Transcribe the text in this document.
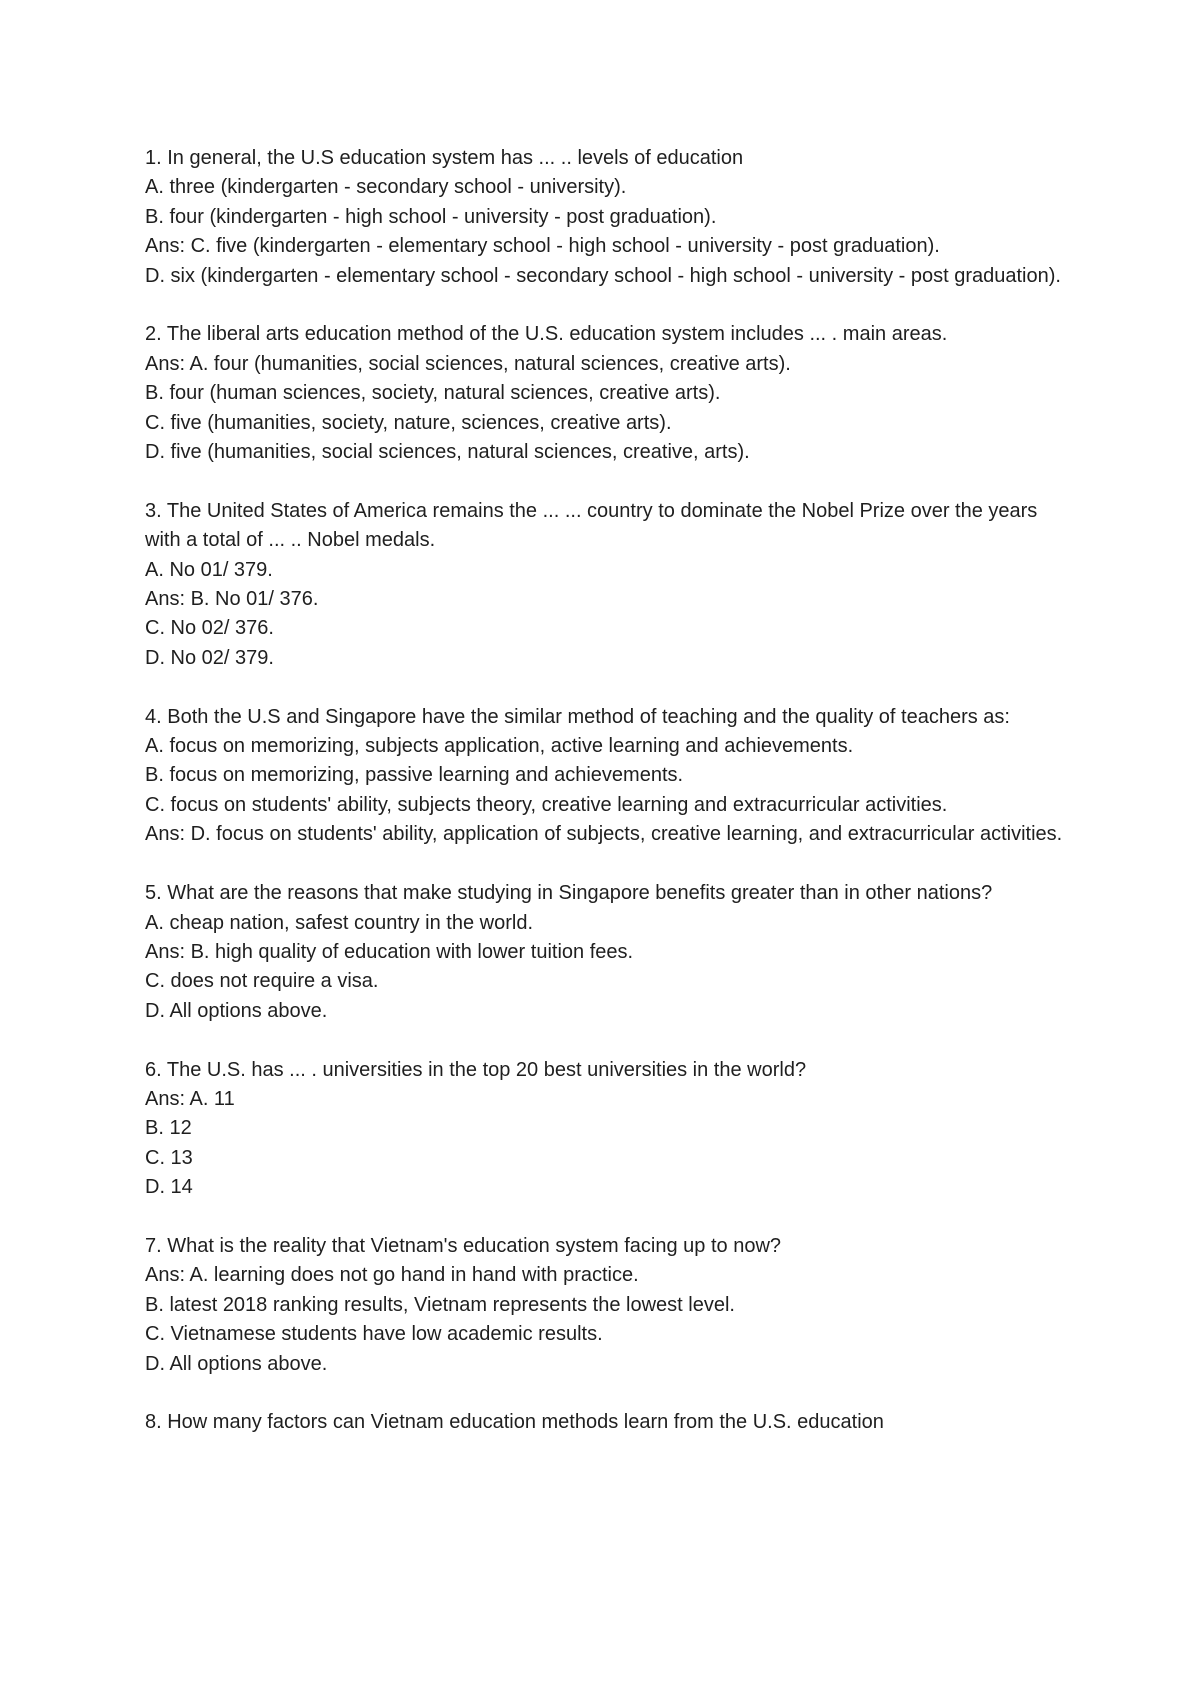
1. In general, the U.S education system has ... .. levels of education
A. three (kindergarten - secondary school - university).
B. four (kindergarten - high school - university - post graduation).
Ans: C. five (kindergarten - elementary school - high school - university - post graduation).
D. six (kindergarten - elementary school - secondary school - high school - university - post graduation).
2. The liberal arts education method of the U.S. education system includes ... . main areas.
Ans: A. four (humanities, social sciences, natural sciences, creative arts).
B. four (human sciences, society, natural sciences, creative arts).
C. five (humanities, society, nature, sciences, creative arts).
D. five (humanities, social sciences, natural sciences, creative, arts).
3. The United States of America remains the ... ... country to dominate the Nobel Prize over the years with a total of ... .. Nobel medals.
A. No 01/ 379.
Ans: B. No 01/ 376.
C. No 02/ 376.
D. No 02/ 379.
4. Both the U.S and Singapore have the similar method of teaching and the quality of teachers as:
A. focus on memorizing, subjects application, active learning and achievements.
B. focus on memorizing, passive learning and achievements.
C. focus on students' ability, subjects theory, creative learning and extracurricular activities.
Ans: D. focus on students' ability, application of subjects, creative learning, and extracurricular activities.
5. What are the reasons that make studying in Singapore benefits greater than in other nations?
A. cheap nation, safest country in the world.
Ans: B. high quality of education with lower tuition fees.
C. does not require a visa.
D. All options above.
6. The U.S. has ... . universities in the top 20 best universities in the world?
Ans: A. 11
B. 12
C. 13
D. 14
7. What is the reality that Vietnam's education system facing up to now?
Ans: A. learning does not go hand in hand with practice.
B. latest 2018 ranking results, Vietnam represents the lowest level.
C. Vietnamese students have low academic results.
D. All options above.
8. How many factors can Vietnam education methods learn from the U.S. education
